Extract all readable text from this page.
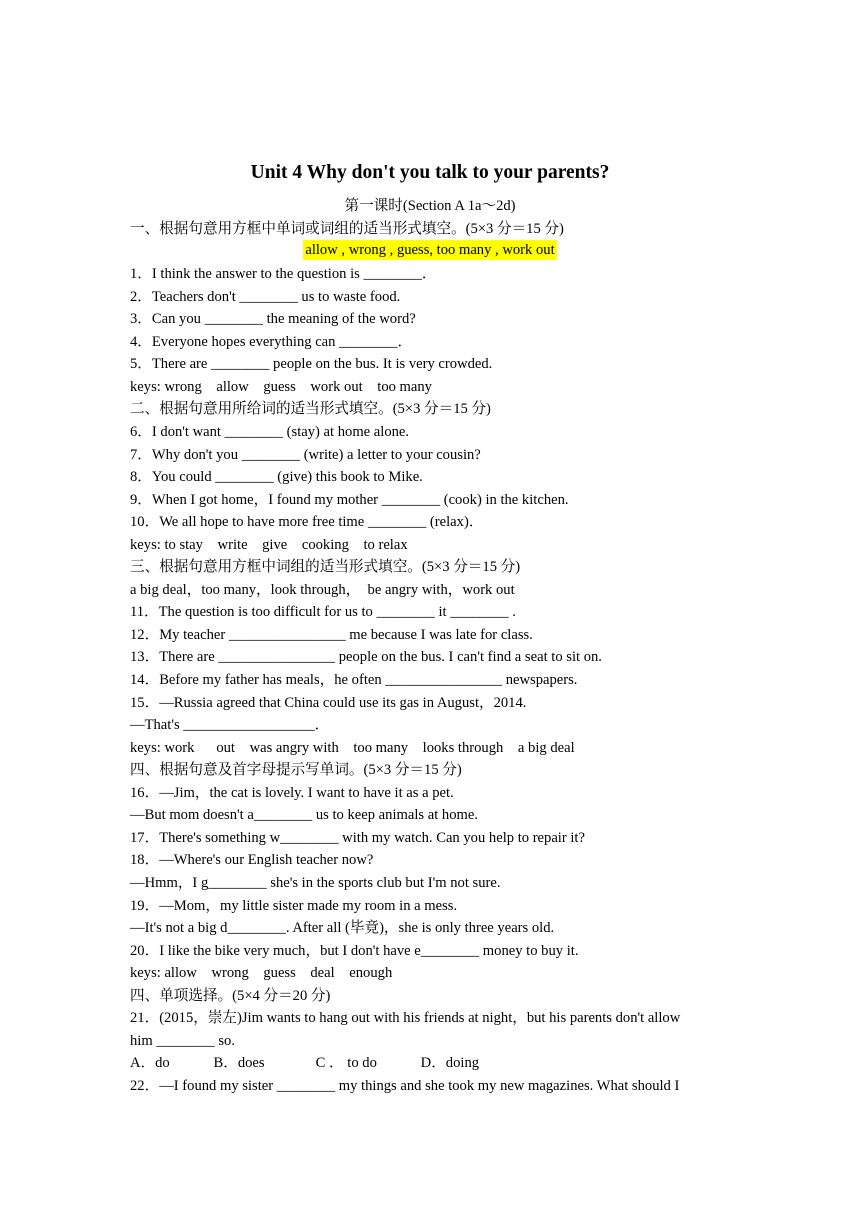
Unit 4 Why don't you talk to your parents?
第一课时(Section A 1a～2d)
allow , wrong , guess, too many , work out
一、根据句意用方框中单词或词组的适当形式填空。(5×3 分＝15 分)
1．I think the answer to the question is ________．
2．Teachers don't ________ us to waste food.
3．Can you ________ the meaning of the word?
4．Everyone hopes everything can ________．
5．There are ________ people on the bus. It is very crowded.
keys: wrong    allow    guess    work out    too many
二、根据句意用所给词的适当形式填空。(5×3 分＝15 分)
6．I don't want ________ (stay) at home alone.
7．Why don't you ________ (write) a letter to your cousin?
8．You could ________ (give) this book to Mike.
9．When I got home，I found my mother ________ (cook) in the kitchen.
10．We all hope to have more free time ________ (relax)．
keys: to stay    write    give    cooking    to relax
三、根据句意用方框中词组的适当形式填空。(5×3 分＝15 分)
a big deal，too many，look through，  be angry with，work out
11．The question is too difficult for us to ________ it ________ .
12．My teacher ________________ me because I was late for class.
13．There are ________________ people on the bus. I can't find a seat to sit on.
14．Before my father has meals，he often ________________ newspapers.
15．—Russia agreed that China could use its gas in August，2014.
—That's __________________．
keys: work      out    was angry with    too many    looks through    a big deal
四、根据句意及首字母提示写单词。(5×3 分＝15 分)
16．—Jim，the cat is lovely. I want to have it as a pet.
—But mom doesn't a________ us to keep animals at home.
17．There's something w________ with my watch. Can you help to repair it?
18．—Where's our English teacher now?
—Hmm，I g________ she's in the sports club but I'm not sure.
19．—Mom，my little sister made my room in a mess.
—It's not a big d________. After all (毕竟)，she is only three years old.
20．I like the bike very much，but I don't have e________ money to buy it.
keys: allow    wrong    guess    deal    enough
四、单项选择。(5×4 分＝20 分)
21．(2015，崇左)Jim wants to hang out with his friends at night，but his parents don't allow
him ________ so.
A．do            B．does              C ． to do            D．doing
22．—I found my sister ________ my things and she took my new magazines. What should I
